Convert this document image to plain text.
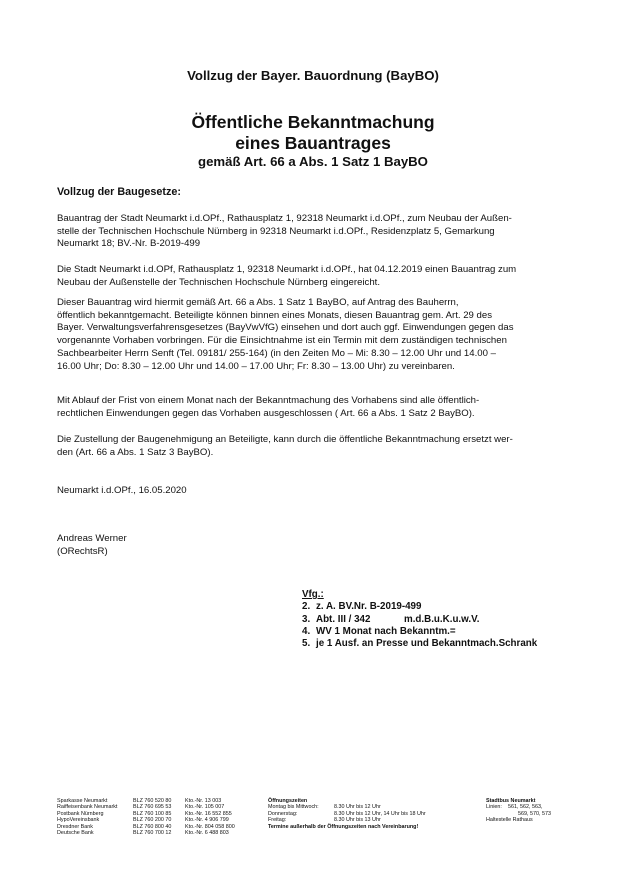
Vollzug der Bayer. Bauordnung (BayBO)
Öffentliche Bekanntmachung
eines Bauantrages
gemäß Art. 66 a Abs. 1 Satz 1 BayBO
Vollzug der Baugesetze:

Bauantrag der Stadt Neumarkt i.d.OPf., Rathausplatz 1, 92318 Neumarkt i.d.OPf., zum Neubau der Außen-
stelle der Technischen Hochschule Nürnberg in 92318 Neumarkt i.d.OPf., Residenzplatz 5, Gemarkung
Neumarkt 18; BV.-Nr. B-2019-499

Die Stadt Neumarkt i.d.OPf, Rathausplatz 1, 92318 Neumarkt i.d.OPf., hat 04.12.2019 einen Bauantrag zum
Neubau der Außenstelle der Technischen Hochschule Nürnberg eingereicht.

Dieser Bauantrag wird hiermit gemäß Art. 66 a Abs. 1 Satz 1 BayBO, auf Antrag des Bauherrn,
öffentlich bekanntgemacht. Beteiligte können binnen eines Monats, diesen Bauantrag gem. Art. 29 des
Bayer. Verwaltungsverfahrensgesetzes (BayVwVfG) einsehen und dort auch ggf. Einwendungen gegen das
vorgenannte Vorhaben vorbringen. Für die Einsichtnahme ist ein Termin mit dem zuständigen technischen
Sachbearbeiter Herrn Senft (Tel. 09181/ 255-164) (in den Zeiten Mo – Mi: 8.30 – 12.00 Uhr und 14.00 –
16.00 Uhr; Do: 8.30 – 12.00 Uhr und 14.00 – 17.00 Uhr; Fr: 8.30 – 13.00 Uhr) zu vereinbaren.

Mit Ablauf der Frist von einem Monat nach der Bekanntmachung des Vorhabens sind alle öffentlich-
rechtlichen Einwendungen gegen das Vorhaben ausgeschlossen ( Art. 66 a Abs. 1 Satz 2 BayBO).

Die Zustellung der Baugenehmigung an Beteiligte, kann durch die öffentliche Bekanntmachung ersetzt wer-
den (Art. 66 a Abs. 1 Satz 3 BayBO).

Neumarkt i.d.OPf., 16.05.2020
Andreas Werner
(ORechtsR)
Vfg.:
2. z. A. BV.Nr. B-2019-499
3. Abt. III / 342	m.d.B.u.K.u.w.V.
4. WV 1 Monat nach Bekanntm.=
5. je 1 Ausf. an Presse und Bekanntmach.Schrank
Sparkasse Neumarkt	BLZ 760 520 80	Kto.-Nr. 13 003
Raiffeisenbank Neumarkt	BLZ 760 695 53	Kto.-Nr. 105 007
Postbank Nürnberg	BLZ 760 100 85	Kto.-Nr. 16 552 855
HypoVereinsbank	BLZ 760 200 70	Kto.-Nr. 4 906 799
Dresdner Bank	BLZ 760 800 40	Kto.-Nr. 804 058 800
Deutsche Bank	BLZ 760 700 12	Kto.-Nr. 6 488 803
Öffnungszeiten
Montag bis Mittwoch:	8.30 Uhr bis 12 Uhr
Donnerstag:	8.30 Uhr bis 12 Uhr, 14 Uhr bis 18 Uhr
Freitag:	8.30 Uhr bis 13 Uhr
Termine außerhalb der Öffnungszeiten nach Vereinbarung!
Stadtbus Neumarkt
Linien: 561, 562, 563,
569, 570, 573
Haltestelle Rathaus
